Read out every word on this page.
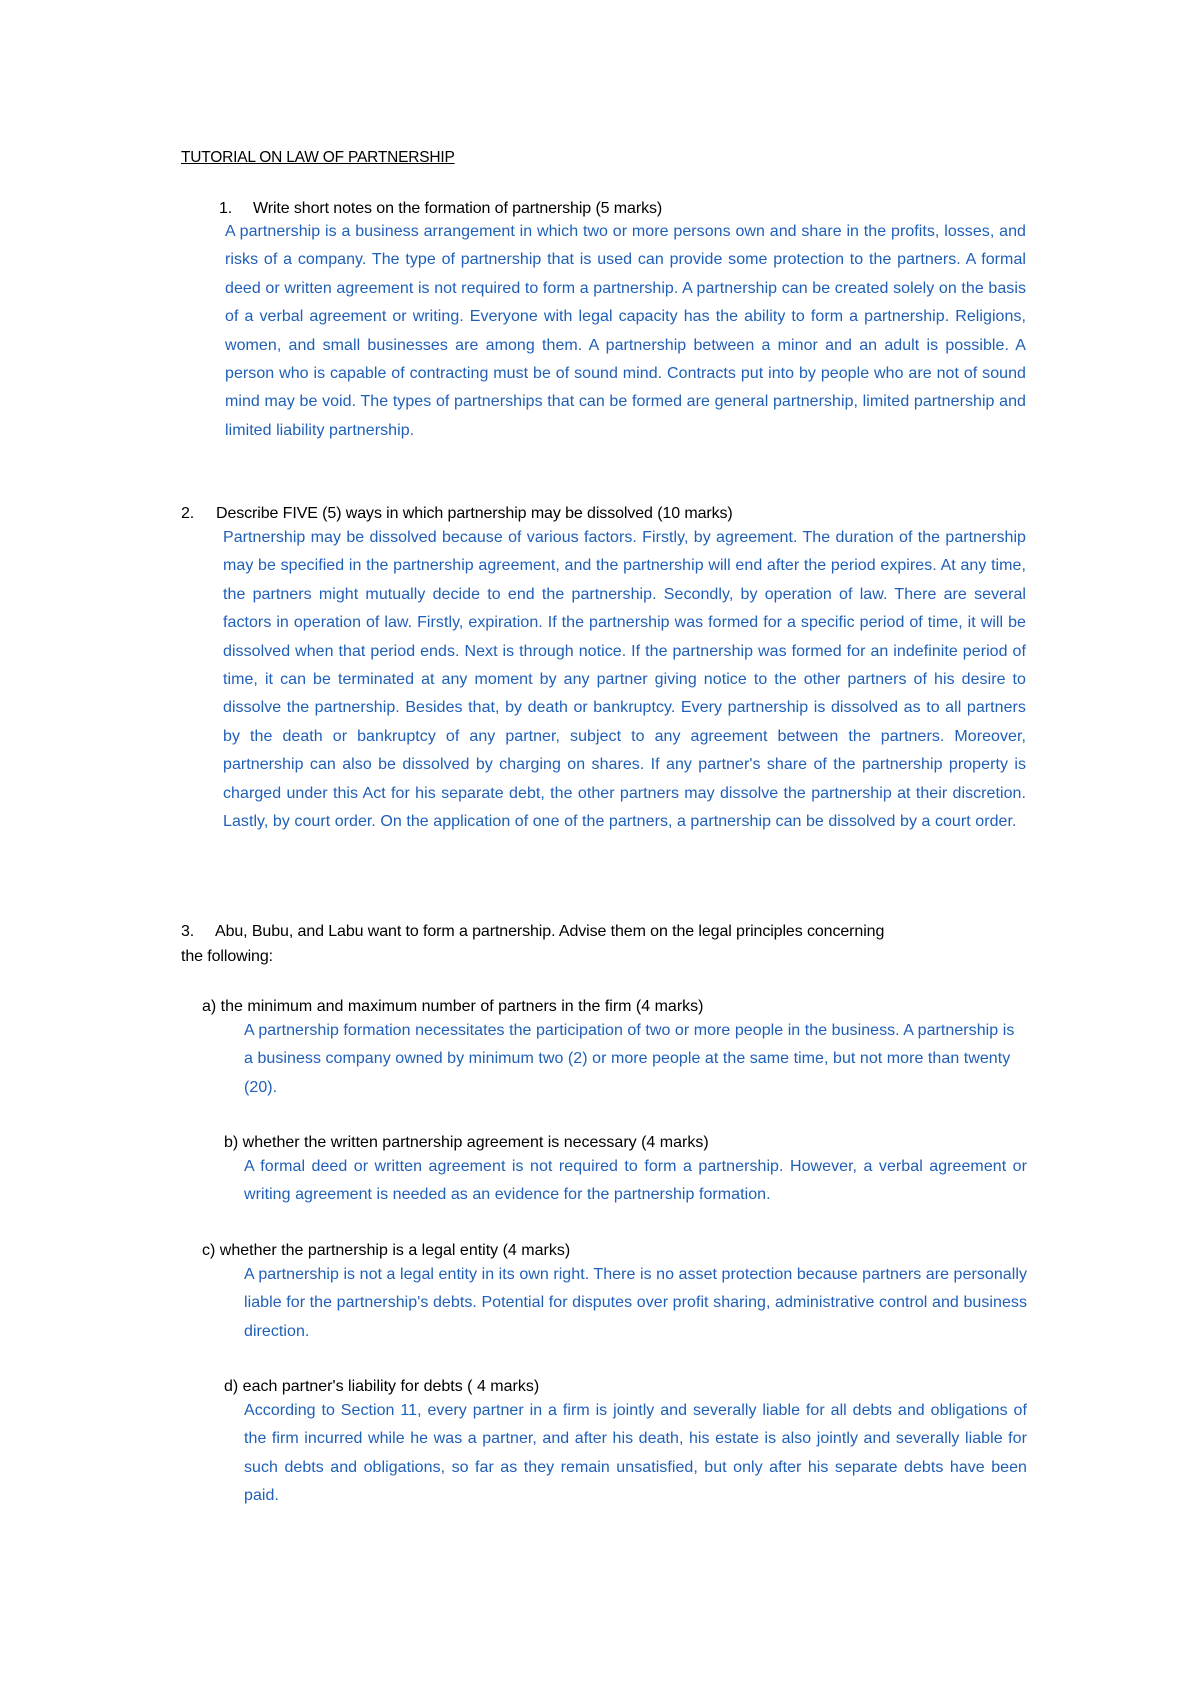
TUTORIAL ON LAW OF PARTNERSHIP
1. Write short notes on the formation of partnership (5 marks)

A partnership is a business arrangement in which two or more persons own and share in the profits, losses, and risks of a company. The type of partnership that is used can provide some protection to the partners. A formal deed or written agreement is not required to form a partnership. A partnership can be created solely on the basis of a verbal agreement or writing. Everyone with legal capacity has the ability to form a partnership. Religions, women, and small businesses are among them. A partnership between a minor and an adult is possible. A person who is capable of contracting must be of sound mind. Contracts put into by people who are not of sound mind may be void. The types of partnerships that can be formed are general partnership, limited partnership and limited liability partnership.

2. Describe FIVE (5) ways in which partnership may be dissolved (10 marks)

Partnership may be dissolved because of various factors. Firstly, by agreement. The duration of the partnership may be specified in the partnership agreement, and the partnership will end after the period expires. At any time, the partners might mutually decide to end the partnership. Secondly, by operation of law. There are several factors in operation of law. Firstly, expiration. If the partnership was formed for a specific period of time, it will be dissolved when that period ends. Next is through notice. If the partnership was formed for an indefinite period of time, it can be terminated at any moment by any partner giving notice to the other partners of his desire to dissolve the partnership. Besides that, by death or bankruptcy. Every partnership is dissolved as to all partners by the death or bankruptcy of any partner, subject to any agreement between the partners. Moreover, partnership can also be dissolved by charging on shares. If any partner's share of the partnership property is charged under this Act for his separate debt, the other partners may dissolve the partnership at their discretion. Lastly, by court order. On the application of one of the partners, a partnership can be dissolved by a court order.

3. Abu, Bubu, and Labu want to form a partnership. Advise them on the legal principles concerning
the following:
a) the minimum and maximum number of partners in the firm (4 marks)

A partnership formation necessitates the participation of two or more people in the business. A partnership is a business company owned by minimum two (2) or more people at the same time, but not more than twenty (20).

b) whether the written partnership agreement is necessary (4 marks)

A formal deed or written agreement is not required to form a partnership. However, a verbal agreement or writing agreement is needed as an evidence for the partnership formation.

c) whether the partnership is a legal entity (4 marks)

A partnership is not a legal entity in its own right. There is no asset protection because partners are personally liable for the partnership's debts. Potential for disputes over profit sharing, administrative control and business direction.

d) each partner's liability for debts ( 4 marks)

According to Section 11, every partner in a firm is jointly and severally liable for all debts and obligations of the firm incurred while he was a partner, and after his death, his estate is also jointly and severally liable for such debts and obligations, so far as they remain unsatisfied, but only after his separate debts have been paid.
